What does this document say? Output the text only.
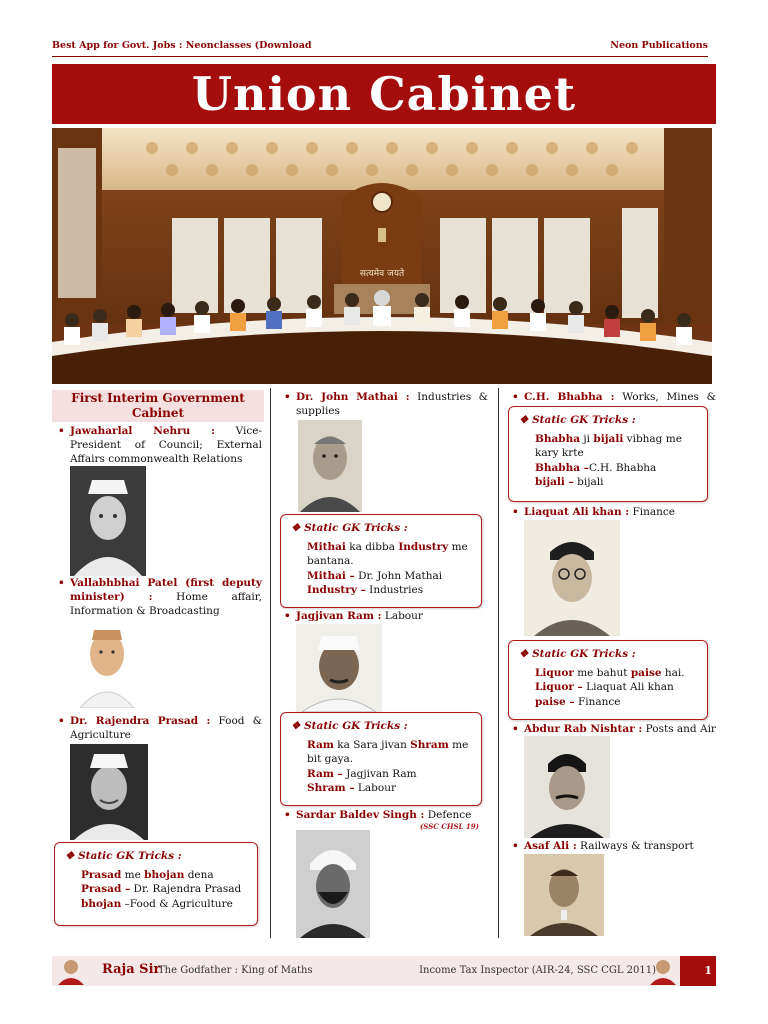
Best App for Govt. Jobs : Neonclasses (Download	Neon Publications
Union Cabinet
सत्यमेव जयते
First Interim Government Cabinet
• Jawaharlal Nehru : Vice- President of Council; External Affairs commonwealth Relations
• Vallabhbhai Patel (first deputy minister) : Home affair, Information & Broadcasting
• Dr. Rajendra Prasad : Food & Agriculture
❖ Static GK Tricks :
Prasad me bhojan dena
Prasad – Dr. Rajendra Prasad
bhojan –Food & Agriculture
• Dr. John Mathai : Industries & supplies
❖ Static GK Tricks :
Mithai ka dibba Industry me bantana.
Mithai – Dr. John Mathai
Industry – Industries
• Jagjivan Ram : Labour
❖ Static GK Tricks :
Ram ka Sara jivan Shram me bit gaya.
Ram – Jagjivan Ram
Shram – Labour
• Sardar Baldev Singh : Defence
(SSC CHSL 19)
• C.H. Bhabha : Works, Mines &
❖ Static GK Tricks :
Bhabha ji bijali vibhag me kary krte
Bhabha –C.H. Bhabha
bijali – bijali
• Liaquat Ali khan : Finance
❖ Static GK Tricks :
Liquor me bahut paise hai.
Liquor – Liaquat Ali khan
paise – Finance
• Abdur Rab Nishtar : Posts and Air
• Asaf Ali : Railways & transport
Raja Sir
The Godfather : King of Maths	Income Tax Inspector (AIR-24, SSC CGL 2011)	1
